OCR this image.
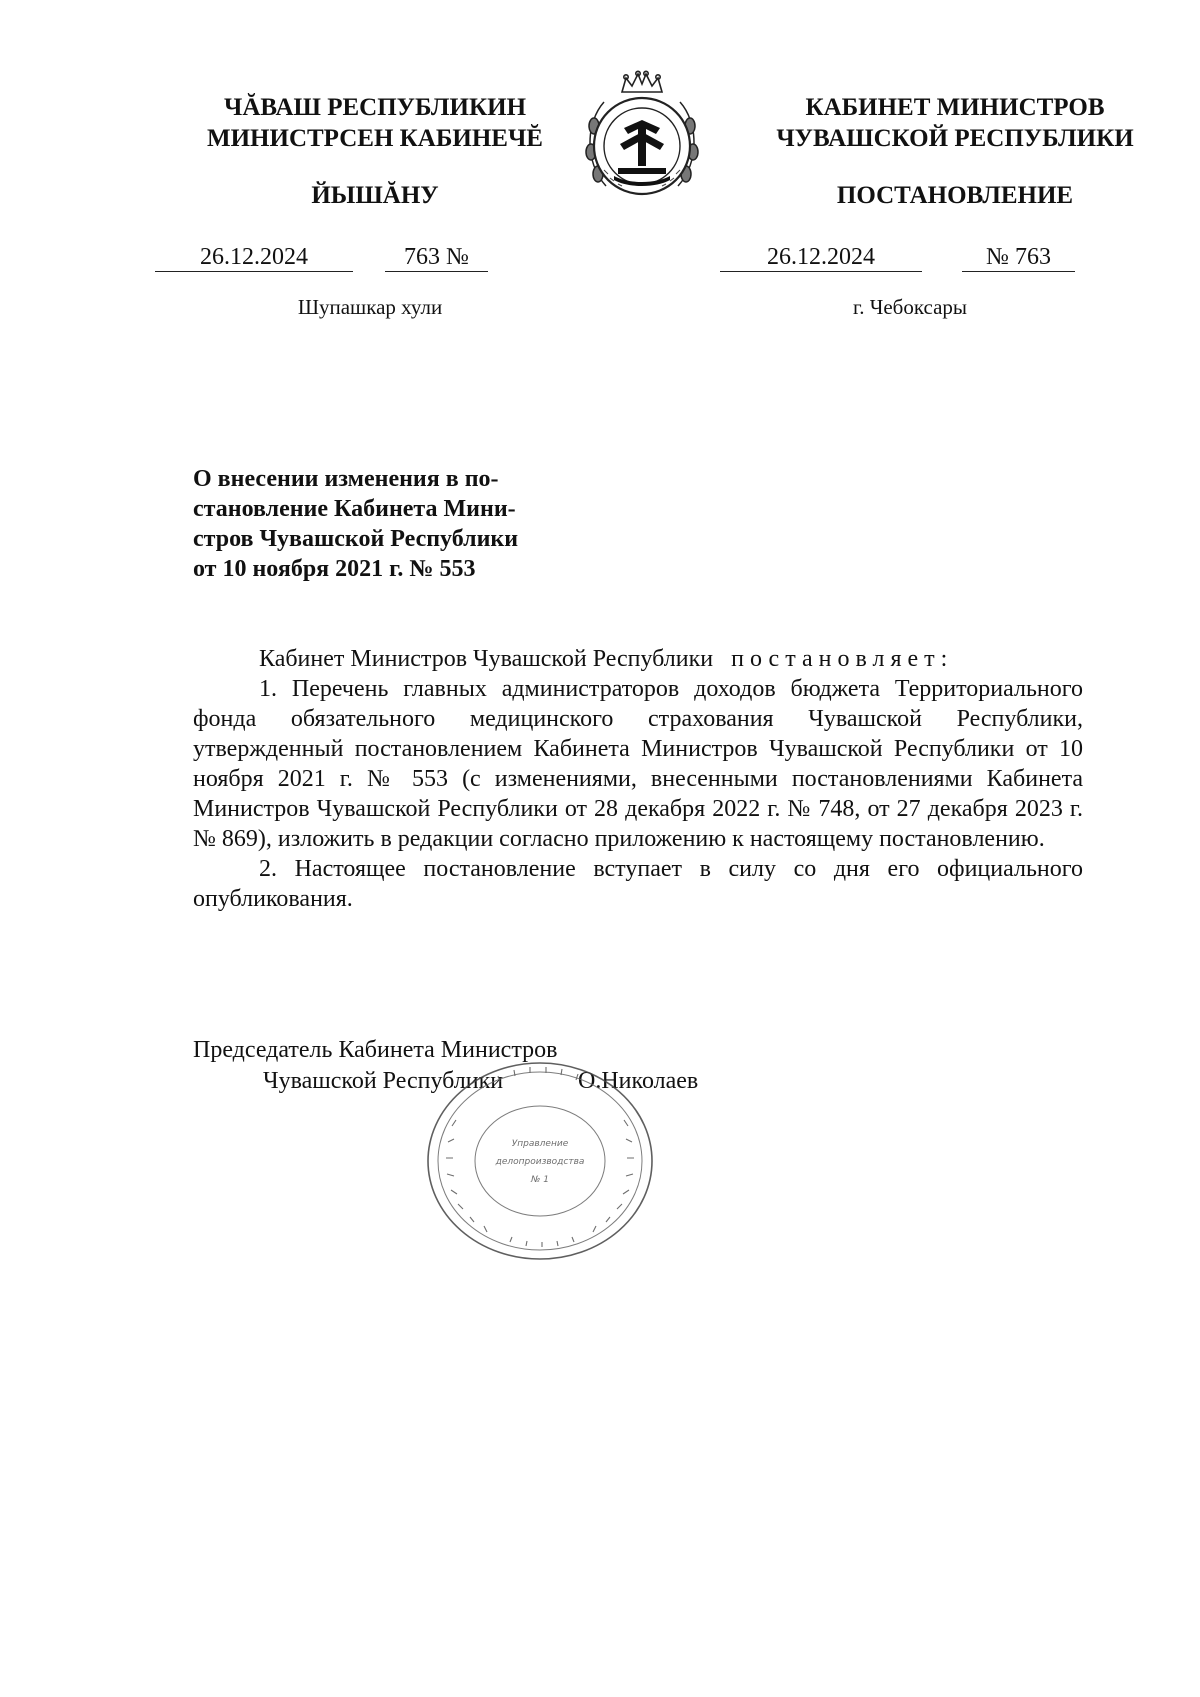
ЧĂВАШ РЕСПУБЛИКИН
МИНИСТРСЕН КАБИНЕЧĔ
ЙЫШĂНУ
КАБИНЕТ МИНИСТРОВ
ЧУВАШСКОЙ РЕСПУБЛИКИ
ПОСТАНОВЛЕНИЕ
26.12.2024	763 №	26.12.2024	№ 763
Шупашкар хули	г. Чебоксары
О внесении изменения в по-
становление Кабинета Мини-
стров Чувашской Республики
от 10 ноября 2021 г. № 553

Кабинет Министров Чувашской Республики постановляет:

1. Перечень главных администраторов доходов бюджета Территориального фонда обязательного медицинского страхования Чувашской Республики, утвержденный постановлением Кабинета Министров Чувашской Республики от 10 ноября 2021 г. № 553 (с изменениями, внесенными постановлениями Кабинета Министров Чувашской Республики от 28 декабря 2022 г. № 748, от 27 декабря 2023 г. № 869), изложить в редакции согласно приложению к настоящему постановлению.

2. Настоящее постановление вступает в силу со дня его официального опубликования.

Председатель Кабинета Министров
Чувашской Республики	О.Николаев
Управление
делопроизводства
№ 1
